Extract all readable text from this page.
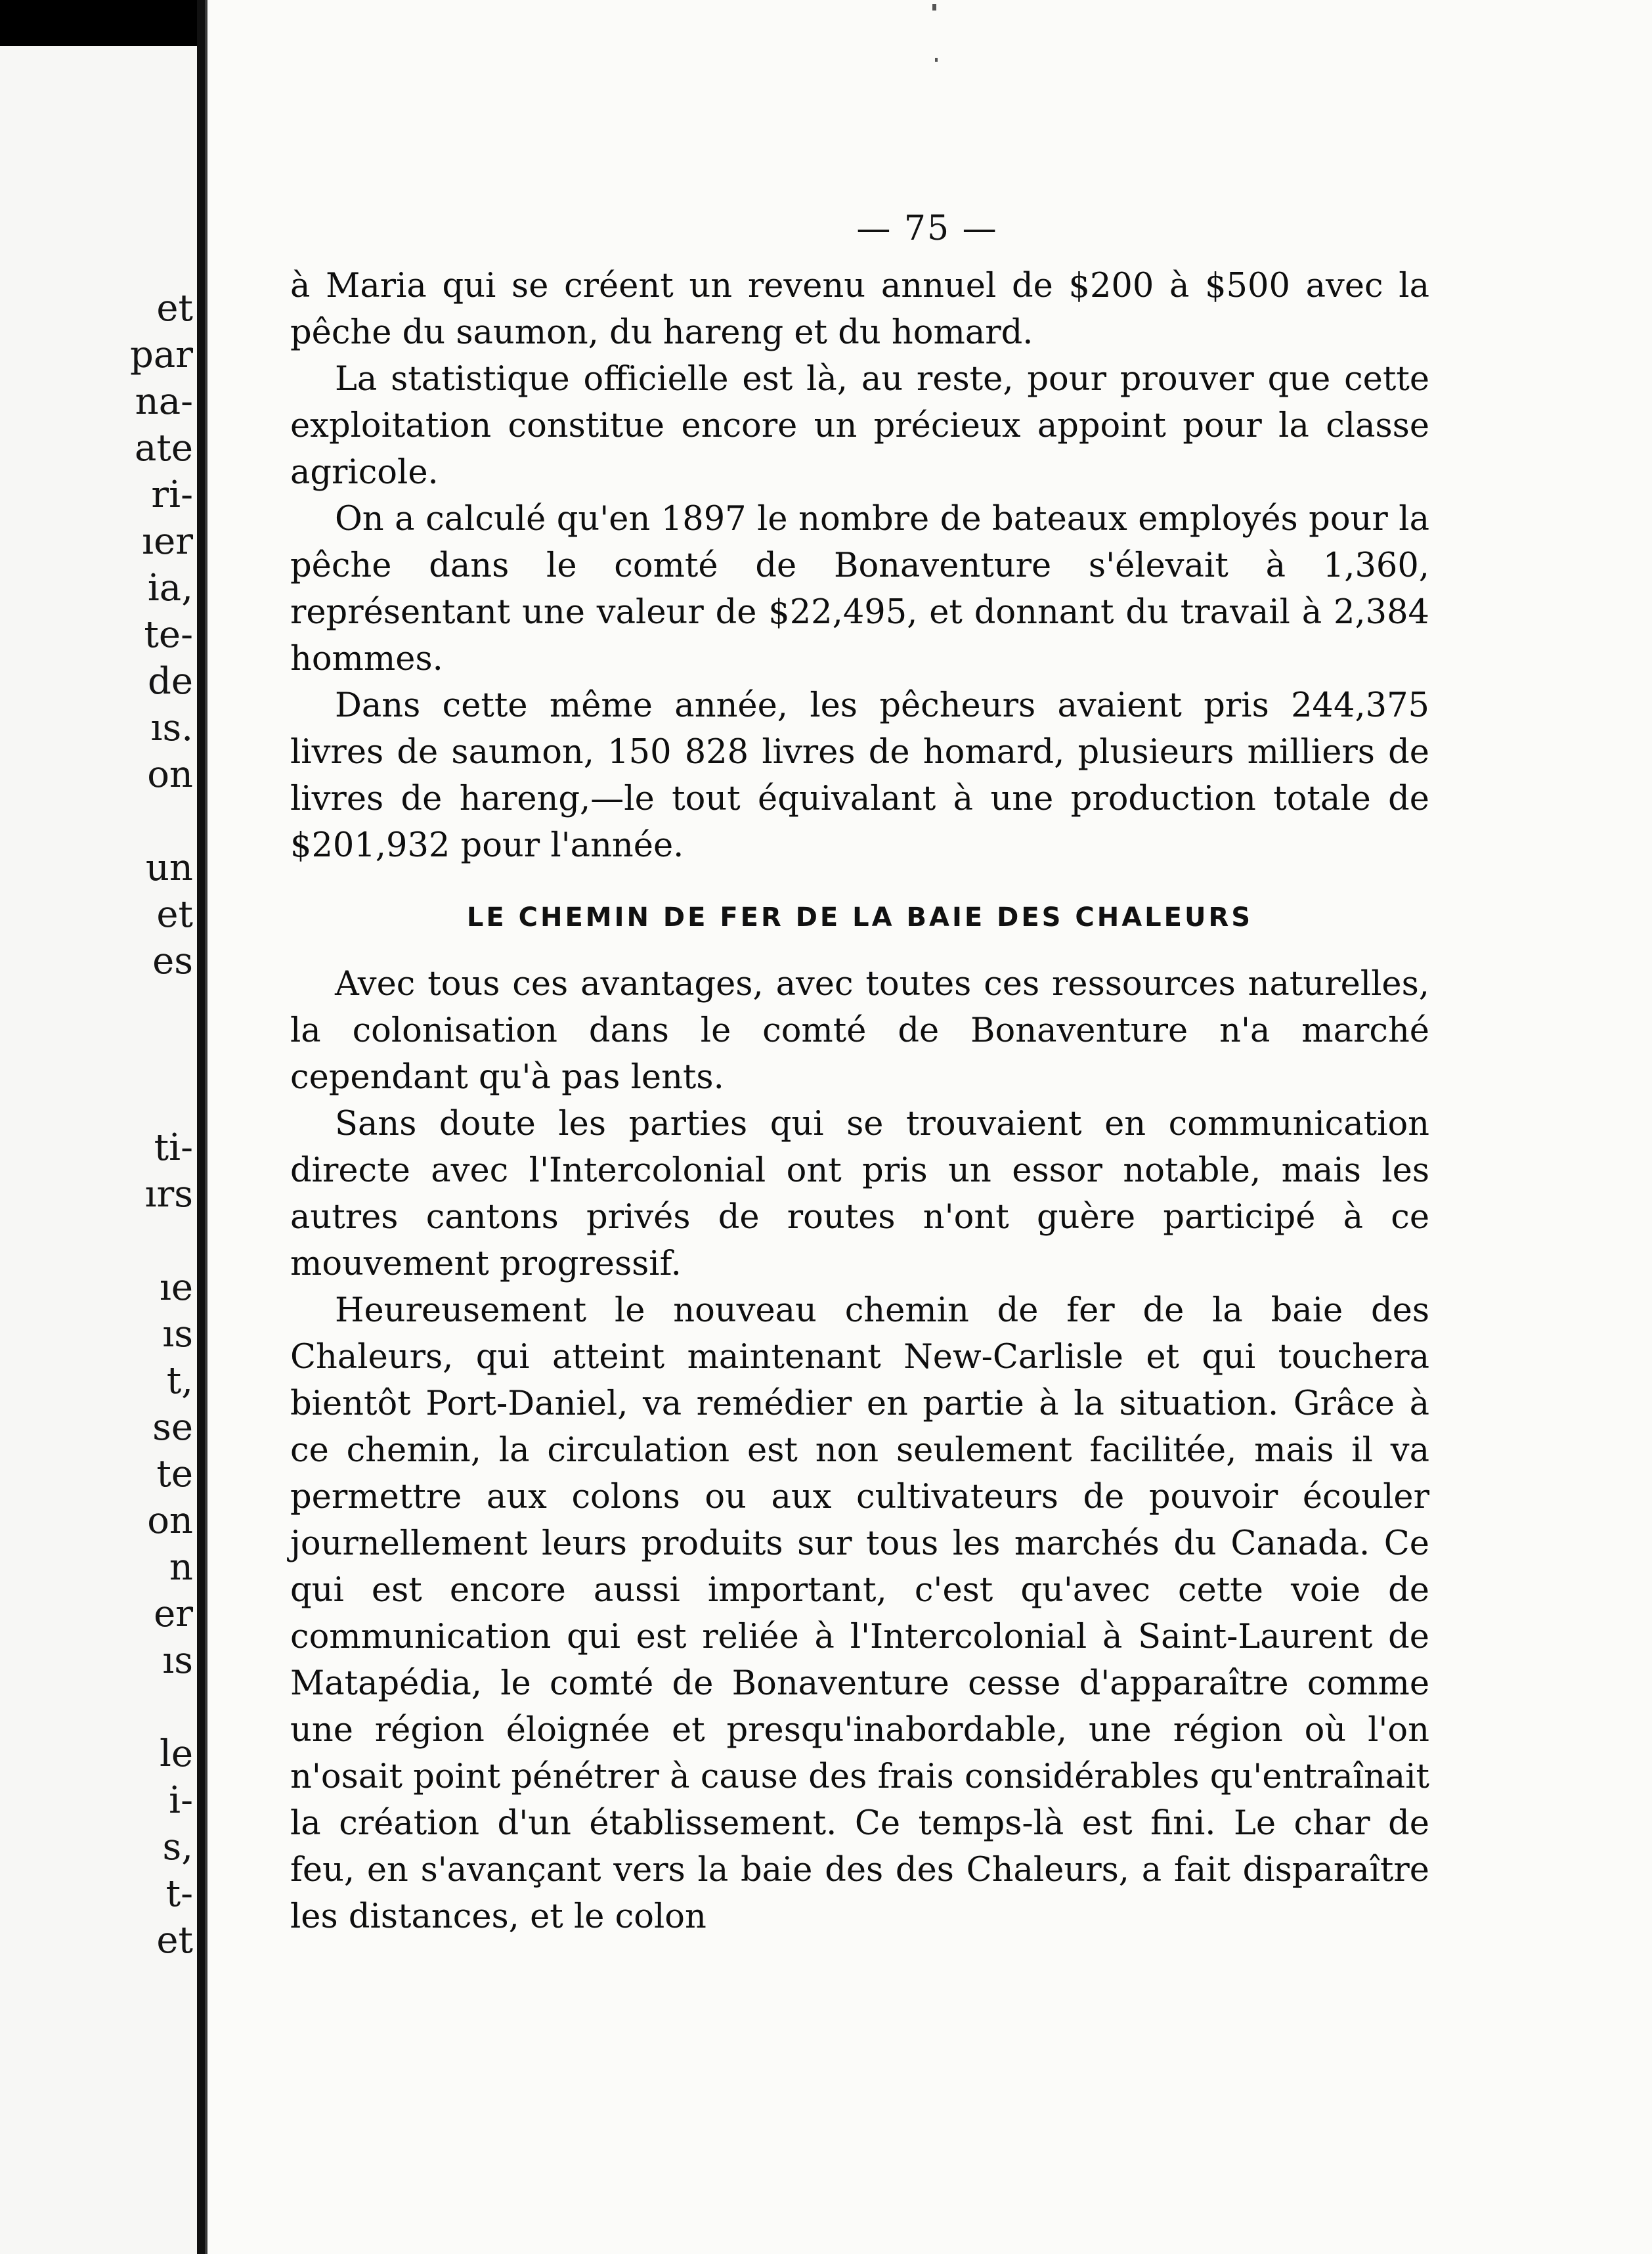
et
par
na-
ate
ri-
ıer
ia,
te-
de
ıs.
on
un
et
es
ti-
ırs
ıe
ıs
t,
se
te
on
n
er
ıs
le
i-
s,
t-
et
— 75 —

à Maria qui se créent un revenu annuel de $200 à $500 avec la pêche du saumon, du hareng et du homard.

La statistique officielle est là, au reste, pour prouver que cette exploitation constitue encore un précieux appoint pour la classe agricole.

On a calculé qu'en 1897 le nombre de bateaux employés pour la pêche dans le comté de Bonaventure s'élevait à 1,360, représentant une valeur de $22,495, et donnant du travail à 2,384 hommes.

Dans cette même année, les pêcheurs avaient pris 244,375 livres de saumon, 150 828 livres de homard, plusieurs milliers de livres de hareng,—le tout équivalant à une production totale de $201,932 pour l'année.

LE CHEMIN DE FER DE LA BAIE DES CHALEURS

Avec tous ces avantages, avec toutes ces ressources naturelles, la colonisation dans le comté de Bonaventure n'a marché cependant qu'à pas lents.

Sans doute les parties qui se trouvaient en communication directe avec l'Intercolonial ont pris un essor notable, mais les autres cantons privés de routes n'ont guère participé à ce mouvement progressif.

Heureusement le nouveau chemin de fer de la baie des Chaleurs, qui atteint maintenant New-Carlisle et qui touchera bientôt Port-Daniel, va remédier en partie à la situation. Grâce à ce chemin, la circulation est non seulement facilitée, mais il va permettre aux colons ou aux cultivateurs de pouvoir écouler journellement leurs produits sur tous les marchés du Canada. Ce qui est encore aussi important, c'est qu'avec cette voie de communication qui est reliée à l'Intercolonial à Saint-Laurent de Matapédia, le comté de Bonaventure cesse d'apparaître comme une région éloignée et presqu'inabordable, une région où l'on n'osait point pénétrer à cause des frais considérables qu'entraînait la création d'un établissement. Ce temps-là est fini. Le char de feu, en s'avançant vers la baie des des Chaleurs, a fait disparaître les distances, et le colon
